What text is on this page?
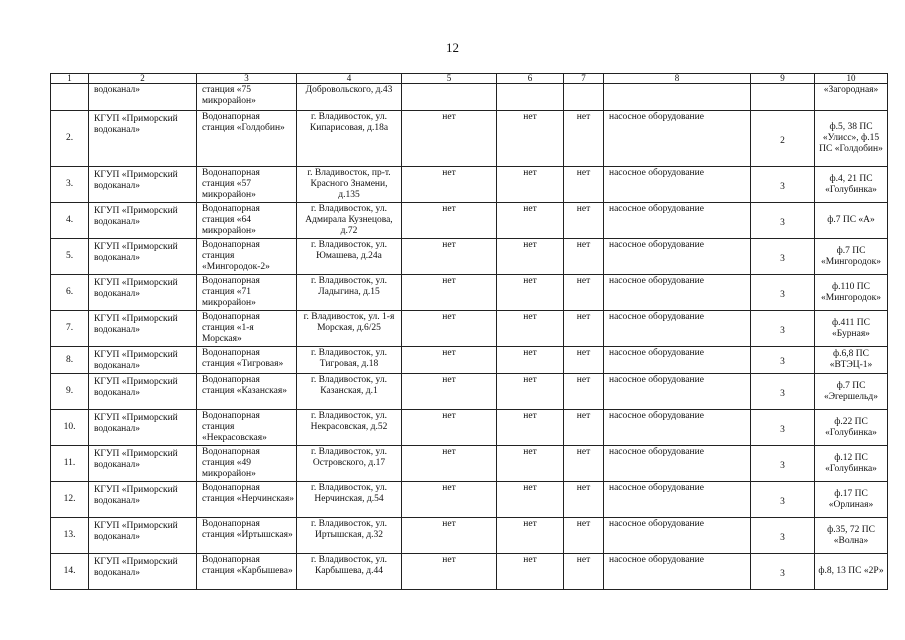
12
1	2	3	4	5	6	7	8	9	10
	водоканал»	станция «75 микрорайон»	Добровольского, д.43						«Загородная»
2.	КГУП «Приморский водоканал»	Водонапорная станция «Голдобин»	г. Владивосток, ул. Кипарисовая, д.18а	нет	нет	нет	насосное оборудование	2	ф.5, 38 ПС «Улисс», ф.15 ПС «Голдобин»
3.	КГУП «Приморский водоканал»	Водонапорная станция «57 микрорайон»	г. Владивосток, пр-т. Красного Знамени, д.135	нет	нет	нет	насосное оборудование	3	ф.4, 21 ПС «Голубинка»
4.	КГУП «Приморский водоканал»	Водонапорная станция «64 микрорайон»	г. Владивосток, ул. Адмирала Кузнецова, д.72	нет	нет	нет	насосное оборудование	3	ф.7 ПС «А»
5.	КГУП «Приморский водоканал»	Водонапорная станция «Мингородок-2»	г. Владивосток, ул. Юмашева, д.24а	нет	нет	нет	насосное оборудование	3	ф.7 ПС «Мингородок»
6.	КГУП «Приморский водоканал»	Водонапорная станция «71 микрорайон»	г. Владивосток, ул. Ладыгина, д.15	нет	нет	нет	насосное оборудование	3	ф.110 ПС «Мингородок»
7.	КГУП «Приморский водоканал»	Водонапорная станция «1-я Морская»	г. Владивосток, ул. 1-я Морская, д.6/25	нет	нет	нет	насосное оборудование	3	ф.411 ПС «Бурная»
8.	КГУП «Приморский водоканал»	Водонапорная станция «Тигровая»	г. Владивосток, ул. Тигровая, д.18	нет	нет	нет	насосное оборудование	3	ф.6,8 ПС «ВТЭЦ-1»
9.	КГУП «Приморский водоканал»	Водонапорная станция «Казанская»	г. Владивосток, ул. Казанская, д.1	нет	нет	нет	насосное оборудование	3	ф.7 ПС «Эгершельд»
10.	КГУП «Приморский водоканал»	Водонапорная станция «Некрасовская»	г. Владивосток, ул. Некрасовская, д.52	нет	нет	нет	насосное оборудование	3	ф.22 ПС «Голубинка»
11.	КГУП «Приморский водоканал»	Водонапорная станция «49 микрорайон»	г. Владивосток, ул. Островского, д.17	нет	нет	нет	насосное оборудование	3	ф.12 ПС «Голубинка»
12.	КГУП «Приморский водоканал»	Водонапорная станция «Нерчинская»	г. Владивосток, ул. Нерчинская, д.54	нет	нет	нет	насосное оборудование	3	ф.17 ПС «Орлиная»
13.	КГУП «Приморский водоканал»	Водонапорная станция «Иртышская»	г. Владивосток, ул. Иртышская, д.32	нет	нет	нет	насосное оборудование	3	ф.35, 72 ПС «Волна»
14.	КГУП «Приморский водоканал»	Водонапорная станция «Карбышева»	г. Владивосток, ул. Карбышева, д.44	нет	нет	нет	насосное оборудование	3	ф.8, 13 ПС «2Р»
